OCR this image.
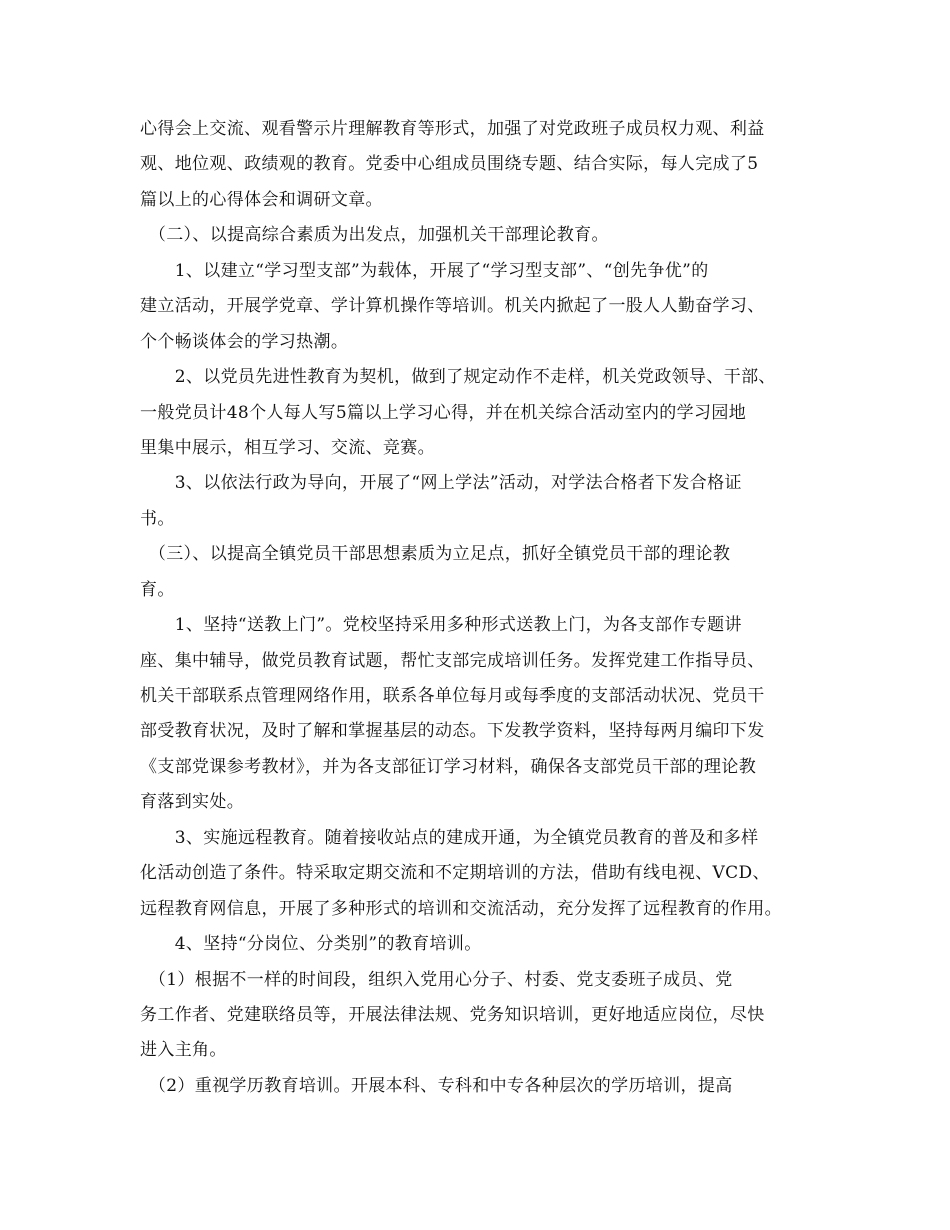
心得会上交流、观看警示片理解教育等形式，加强了对党政班子成员权力观、利益
观、地位观、政绩观的教育。党委中心组成员围绕专题、结合实际，每人完成了5
篇以上的心得体会和调研文章。
　（二）、以提高综合素质为出发点，加强机关干部理论教育。
　　1、以建立“学习型支部”为载体，开展了“学习型支部”、“创先争优”的
建立活动，开展学党章、学计算机操作等培训。机关内掀起了一股人人勤奋学习、
个个畅谈体会的学习热潮。
　　2、以党员先进性教育为契机，做到了规定动作不走样，机关党政领导、干部、
一般党员计48个人每人写5篇以上学习心得，并在机关综合活动室内的学习园地
里集中展示，相互学习、交流、竞赛。
　　3、以依法行政为导向，开展了“网上学法”活动，对学法合格者下发合格证
书。
　（三）、以提高全镇党员干部思想素质为立足点，抓好全镇党员干部的理论教
育。
　　1、坚持“送教上门”。党校坚持采用多种形式送教上门，为各支部作专题讲
座、集中辅导，做党员教育试题，帮忙支部完成培训任务。发挥党建工作指导员、
机关干部联系点管理网络作用，联系各单位每月或每季度的支部活动状况、党员干
部受教育状况，及时了解和掌握基层的动态。下发教学资料，坚持每两月编印下发
《支部党课参考教材》，并为各支部征订学习材料，确保各支部党员干部的理论教
育落到实处。
　　3、实施远程教育。随着接收站点的建成开通，为全镇党员教育的普及和多样
化活动创造了条件。特采取定期交流和不定期培训的方法，借助有线电视、VCD、
远程教育网信息，开展了多种形式的培训和交流活动，充分发挥了远程教育的作用。
　　4、坚持“分岗位、分类别”的教育培训。
　（1）根据不一样的时间段，组织入党用心分子、村委、党支委班子成员、党
务工作者、党建联络员等，开展法律法规、党务知识培训，更好地适应岗位，尽快
进入主角。
　（2）重视学历教育培训。开展本科、专科和中专各种层次的学历培训，提高
